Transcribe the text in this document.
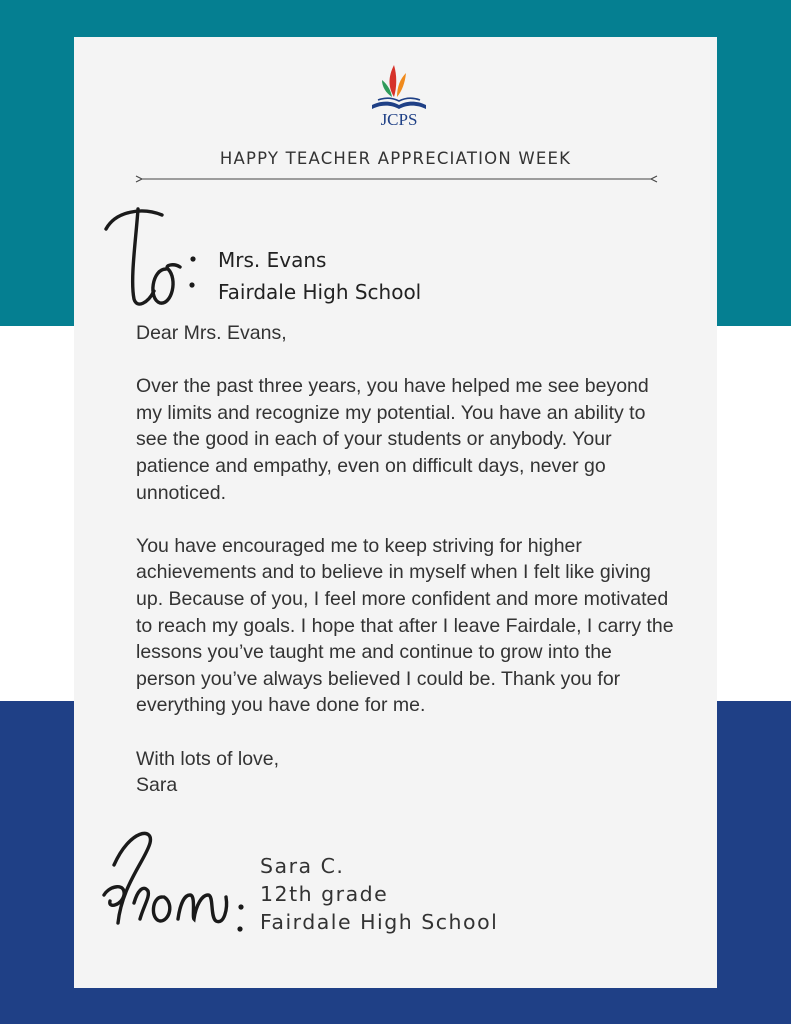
JCPS
HAPPY TEACHER APPRECIATION WEEK
Mrs. Evans
Fairdale High School

Dear Mrs. Evans,

Over the past three years, you have helped me see beyond my limits and recognize my potential. You have an ability to see the good in each of your students or anybody. Your patience and empathy, even on difficult days, never go unnoticed.

You have encouraged me to keep striving for higher achievements and to believe in myself when I felt like giving up. Because of you, I feel more confident and more motivated to reach my goals. I hope that after I leave Fairdale, I carry the lessons you’ve taught me and continue to grow into the person you’ve always believed I could be. Thank you for everything you have done for me.

With lots of love,

Sara

Sara C.
12th grade
Fairdale High School
